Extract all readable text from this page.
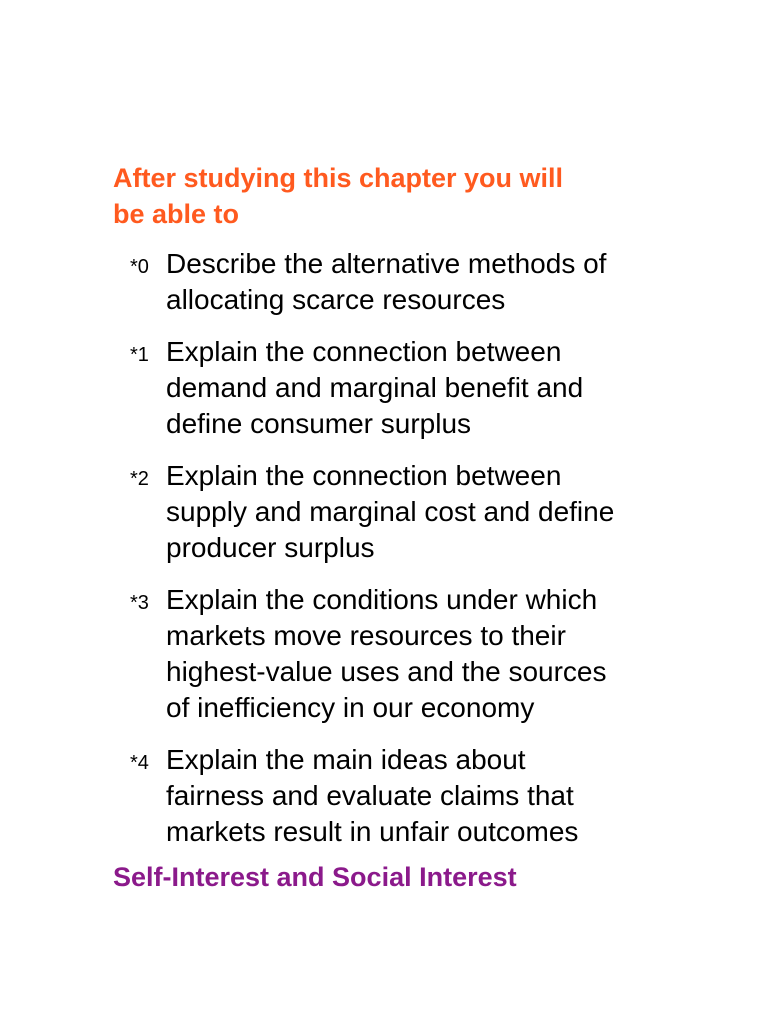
After studying this chapter you will
be able to
*0 Describe the alternative methods of
allocating scarce resources
*1 Explain the connection between
demand and marginal benefit and
define consumer surplus
*2 Explain the connection between
supply and marginal cost and define
producer surplus
*3 Explain the conditions under which
markets move resources to their
highest-value uses and the sources
of inefficiency in our economy
*4 Explain the main ideas about
fairness and evaluate claims that
markets result in unfair outcomes
Self-Interest and Social Interest
